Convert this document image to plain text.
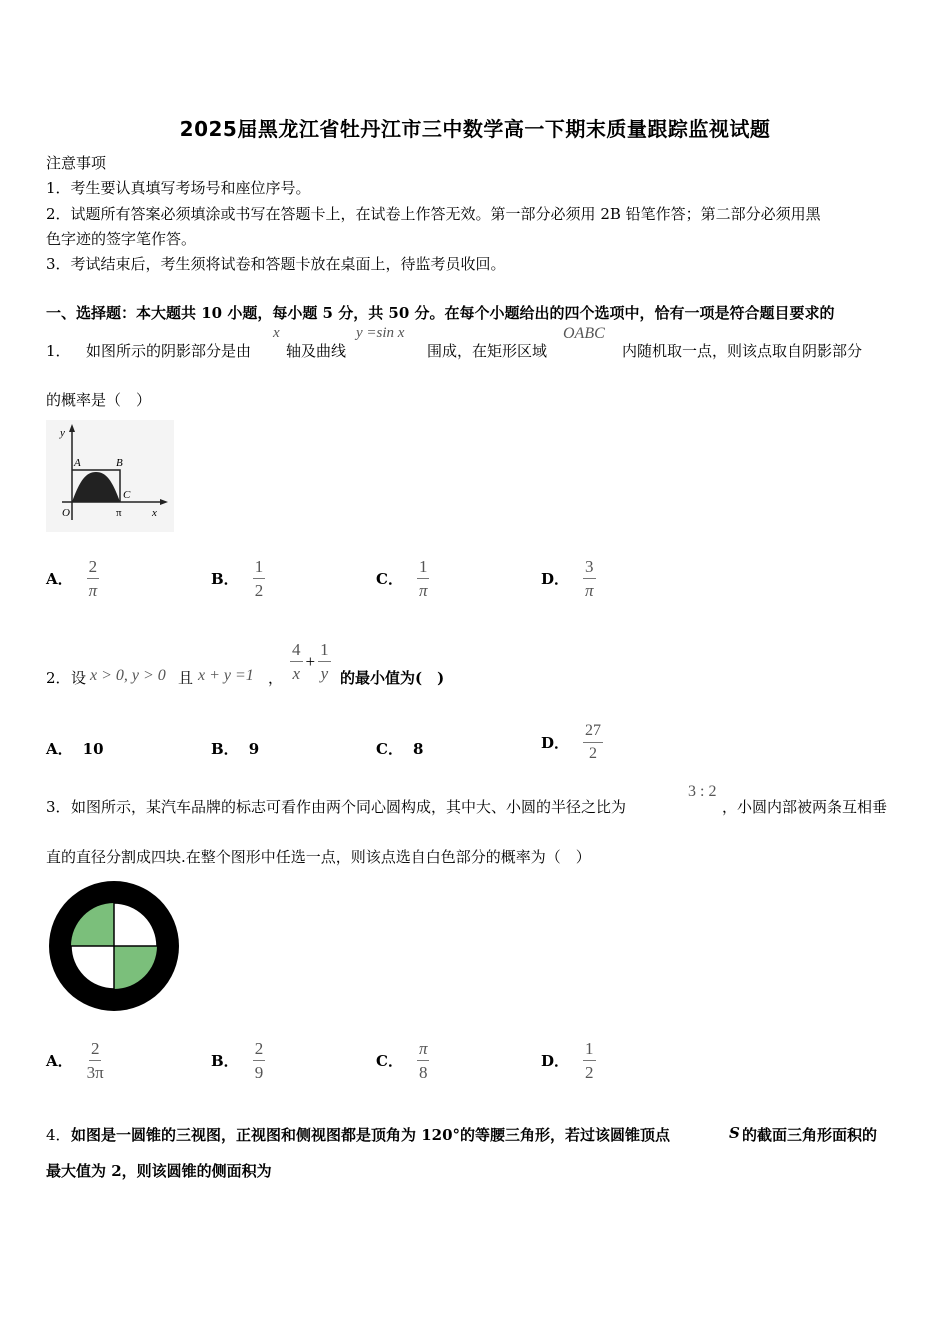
2025届黑龙江省牡丹江市三中数学高一下期末质量跟踪监视试题
注意事项
1．考生要认真填写考场号和座位序号。
2．试题所有答案必须填涂或书写在答题卡上，在试卷上作答无效。第一部分必须用 2B 铅笔作答；第二部分必须用黑
色字迹的签字笔作答。
3．考试结束后，考生须将试卷和答题卡放在桌面上，待监考员收回。
一、选择题：本大题共 10 小题，每小题 5 分，共 50 分。在每个小题给出的四个选项中，恰有一项是符合题目要求的
1． 如图所示的阴影部分是由
x
轴及曲线
y =sin x
围成，在矩形区域
OABC
内随机取一点，则该点取自阴影部分
的概率是（　）
y
A	B
C
O	π	x
A． $\frac{2}{\pi}$	B． $\frac{1}{2}$	C． $\frac{1}{\pi}$	D． $\frac{3}{\pi}$
2． 设 x > 0, y > 0 且 x + y =1 ， $\frac{4}{x} + \frac{1}{y}$ 的最小值为(　)
A． 10	B． 9	C． 8	D． $\frac{27}{2}$
3． 如图所示，某汽车品牌的标志可看作由两个同心圆构成，其中大、小圆的半径之比为
3 : 2
，小圆内部被两条互相垂
直的直径分割成四块.在整个图形中任选一点，则该点选自白色部分的概率为（　）
A． $\frac{2}{3\pi}$	B． $\frac{2}{9}$	C． $\frac{\pi}{8}$	D． $\frac{1}{2}$
4． 如图是一圆锥的三视图，正视图和侧视图都是顶角为 120°的等腰三角形，若过该圆锥顶点	S 的截面三角形面积的
最大值为 2，则该圆锥的侧面积为
